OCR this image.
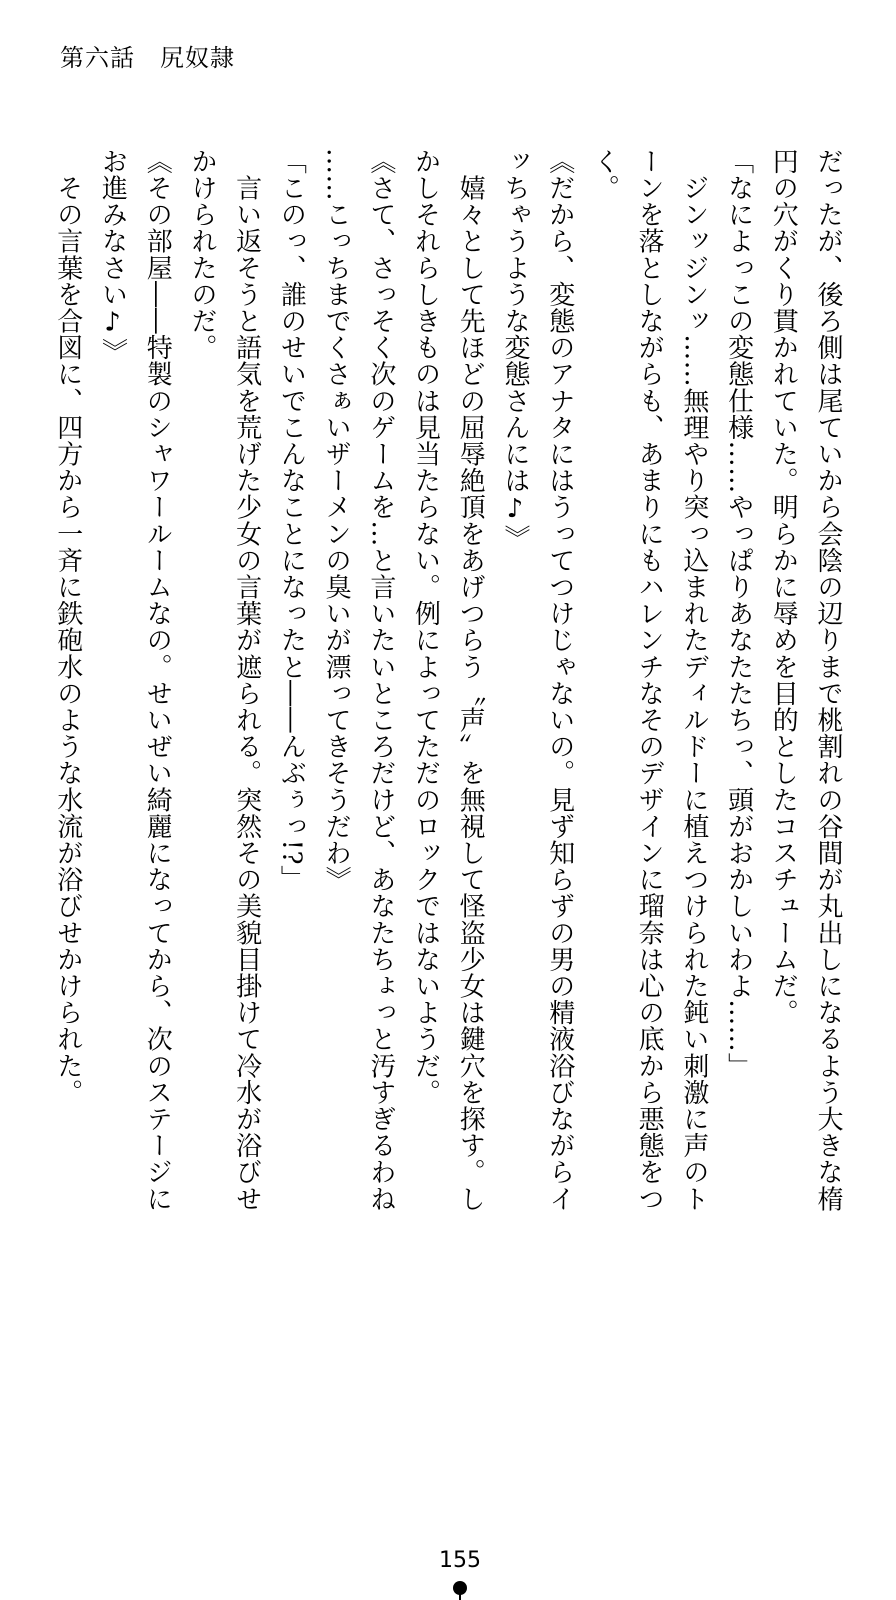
第六話　尻奴隷

だったが、後ろ側は尾ていから会陰の辺りまで桃割れの谷間が丸出しになるよう大きな楕

円の穴がくり貫かれていた。明らかに辱めを目的としたコスチュームだ。

「なによっこの変態仕様……やっぱりあなたたちっ、頭がおかしいわよ……」

　ジンッジンッ……無理やり突っ込まれたディルドーに植えつけられた鈍い刺激に声のト

ーンを落としながらも、あまりにもハレンチなそのデザインに瑠奈は心の底から悪態をつ

く。

《だから、変態のアナタにはうってつけじゃないの。見ず知らずの男の精液浴びながらイ

ッちゃうような変態さんには♪》

　嬉々として先ほどの屈辱絶頂をあげつらう〝声〟を無視して怪盗少女は鍵穴を探す。し

かしそれらしきものは見当たらない。例によってただのロックではないようだ。

《さて、さっそく次のゲームを…と言いたいところだけど、あなたちょっと汚すぎるわね

……こっちまでくさぁいザーメンの臭いが漂ってきそうだわ》

「このっ、誰のせいでこんなことになったと――んぶぅっ!?」

　言い返そうと語気を荒げた少女の言葉が遮られる。突然その美貌目掛けて冷水が浴びせ

かけられたのだ。

《その部屋――特製のシャワールームなの。せいぜい綺麗になってから、次のステージに

お進みなさい♪》

　その言葉を合図に、四方から一斉に鉄砲水のような水流が浴びせかけられた。

155
